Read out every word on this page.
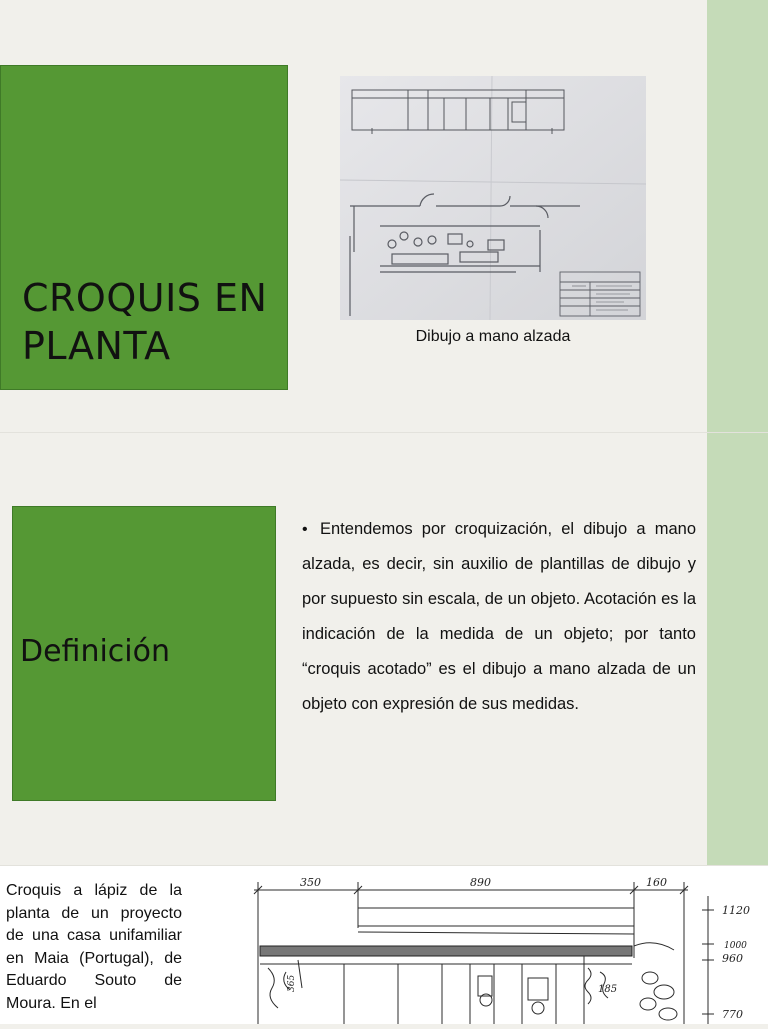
CROQUIS EN
PLANTA	Dibujo a mano alzada
Definición
• Entendemos por croquización, el dibujo a mano alzada, es decir, sin auxilio de plantillas de dibujo y por supuesto sin escala, de un objeto. Acotación es la indicación de la medida de un objeto; por tanto “croquis acotado” es el dibujo a mano alzada de un objeto con expresión de sus medidas.
Croquis a lápiz de la planta de un proyecto de una casa unifamiliar en Maia (Portugal), de Eduardo Souto de Moura. En el
350	890	160
1120
1000
960
770
185
365
